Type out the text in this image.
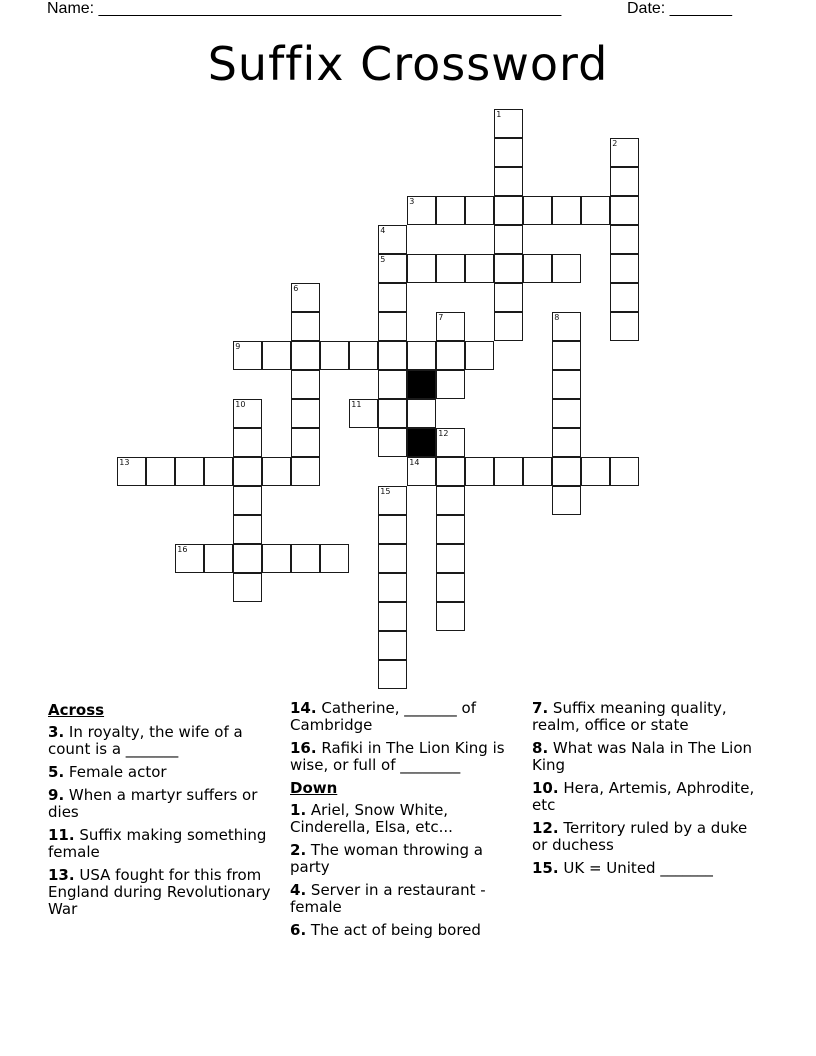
Name: ____________________________________________________	Date: _______
Suffix Crossword
1
2
3
4
5
6
7	8
9
10	11
12
13	14
15
16
Across
3. In royalty, the wife of a count is a _______
5. Female actor
9. When a martyr suffers or dies
11. Suffix making something female
13. USA fought for this from England during Revolutionary War
14. Catherine, _______ of Cambridge
16. Rafiki in The Lion King is wise, or full of ________
Down
1. Ariel, Snow White, Cinderella, Elsa, etc...
2. The woman throwing a party
4. Server in a restaurant - female
6. The act of being bored
7. Suffix meaning quality, realm, office or state
8. What was Nala in The Lion King
10. Hera, Artemis, Aphrodite, etc
12. Territory ruled by a duke or duchess
15. UK = United _______
